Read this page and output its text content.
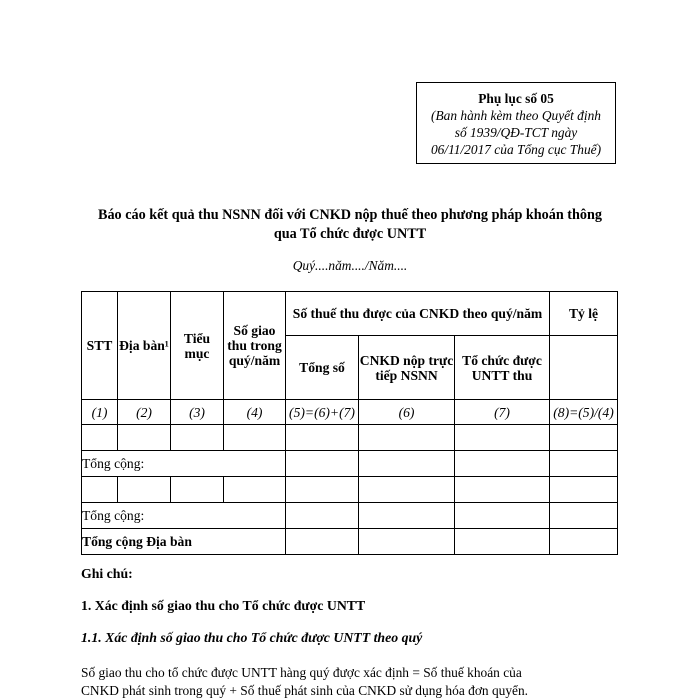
Phụ lục số 05
(Ban hành kèm theo Quyết định
số 1939/QĐ-TCT ngày
06/11/2017 của Tổng cục Thuế)
Báo cáo kết quả thu NSNN đối với CNKD nộp thuế theo phương pháp khoán thông
qua Tổ chức được UNTT
Quý....năm..../Năm....
STT	Địa bàn¹	Tiểu mục	Số giao thu trong quý/năm	Số thuế thu được của CNKD theo quý/năm			Tỷ lệ
				Tổng số	CNKD nộp trực tiếp NSNN	Tổ chức được UNTT thu	
(1)	(2)	(3)	(4)	(5)=(6)+(7)	(6)	(7)	(8)=(5)/(4)

Tổng cộng:							

Tổng cộng:							
Tổng cộng Địa bàn							
Ghi chú:
1. Xác định số giao thu cho Tổ chức được UNTT
1.1. Xác định số giao thu cho Tổ chức được UNTT theo quý
Số giao thu cho tổ chức được UNTT hàng quý được xác định = Số thuế khoán của
CNKD phát sinh trong quý + Số thuế phát sinh của CNKD sử dụng hóa đơn quyển.
